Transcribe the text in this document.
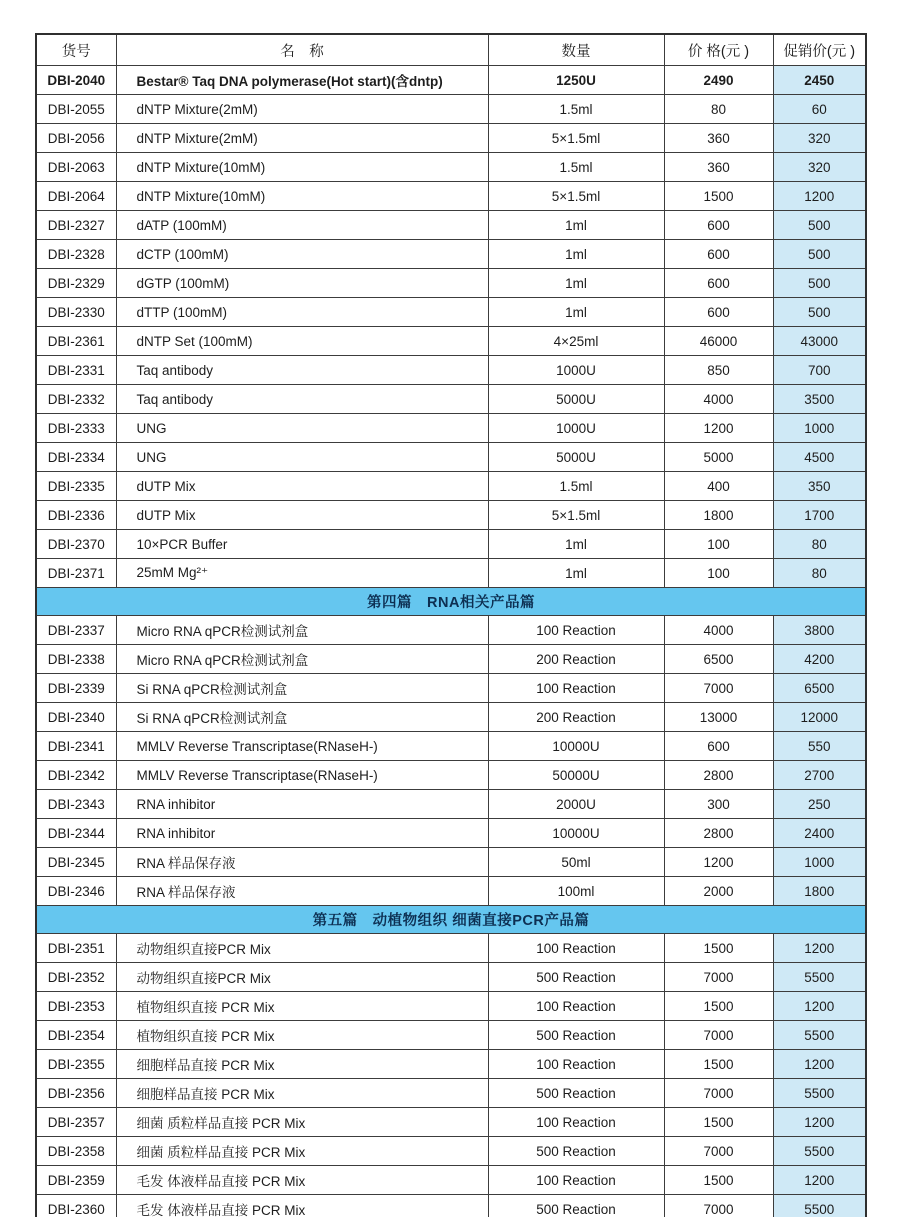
货号	名　称	数量	价 格(元 )	促销价(元 )
DBI-2040	Bestar® Taq DNA polymerase(Hot start)(含dntp)	1250U	2490	2450
DBI-2055	dNTP Mixture(2mM)	1.5ml	80	60
DBI-2056	dNTP Mixture(2mM)	5×1.5ml	360	320
DBI-2063	dNTP Mixture(10mM)	1.5ml	360	320
DBI-2064	dNTP Mixture(10mM)	5×1.5ml	1500	1200
DBI-2327	dATP (100mM)	1ml	600	500
DBI-2328	dCTP (100mM)	1ml	600	500
DBI-2329	dGTP (100mM)	1ml	600	500
DBI-2330	dTTP (100mM)	1ml	600	500
DBI-2361	dNTP Set (100mM)	4×25ml	46000	43000
DBI-2331	Taq antibody	1000U	850	700
DBI-2332	Taq antibody	5000U	4000	3500
DBI-2333	UNG	1000U	1200	1000
DBI-2334	UNG	5000U	5000	4500
DBI-2335	dUTP Mix	1.5ml	400	350
DBI-2336	dUTP Mix	5×1.5ml	1800	1700
DBI-2370	10×PCR Buffer	1ml	100	80
DBI-2371	25mM Mg²⁺	1ml	100	80
第四篇　RNA相关产品篇				
DBI-2337	Micro RNA qPCR检测试剂盒	100 Reaction	4000	3800
DBI-2338	Micro RNA qPCR检测试剂盒	200 Reaction	6500	4200
DBI-2339	Si RNA qPCR检测试剂盒	100 Reaction	7000	6500
DBI-2340	Si RNA qPCR检测试剂盒	200 Reaction	13000	12000
DBI-2341	MMLV Reverse Transcriptase(RNaseH-)	10000U	600	550
DBI-2342	MMLV Reverse Transcriptase(RNaseH-)	50000U	2800	2700
DBI-2343	RNA inhibitor	2000U	300	250
DBI-2344	RNA inhibitor	10000U	2800	2400
DBI-2345	RNA 样品保存液	50ml	1200	1000
DBI-2346	RNA 样品保存液	100ml	2000	1800
第五篇　动植物组织 细菌直接PCR产品篇				
DBI-2351	动物组织直接PCR Mix	100 Reaction	1500	1200
DBI-2352	动物组织直接PCR Mix	500 Reaction	7000	5500
DBI-2353	植物组织直接 PCR Mix	100 Reaction	1500	1200
DBI-2354	植物组织直接 PCR Mix	500 Reaction	7000	5500
DBI-2355	细胞样品直接 PCR Mix	100 Reaction	1500	1200
DBI-2356	细胞样品直接 PCR Mix	500 Reaction	7000	5500
DBI-2357	细菌 质粒样品直接 PCR Mix	100 Reaction	1500	1200
DBI-2358	细菌 质粒样品直接 PCR Mix	500 Reaction	7000	5500
DBI-2359	毛发 体液样品直接 PCR Mix	100 Reaction	1500	1200
DBI-2360	毛发 体液样品直接 PCR Mix	500 Reaction	7000	5500
